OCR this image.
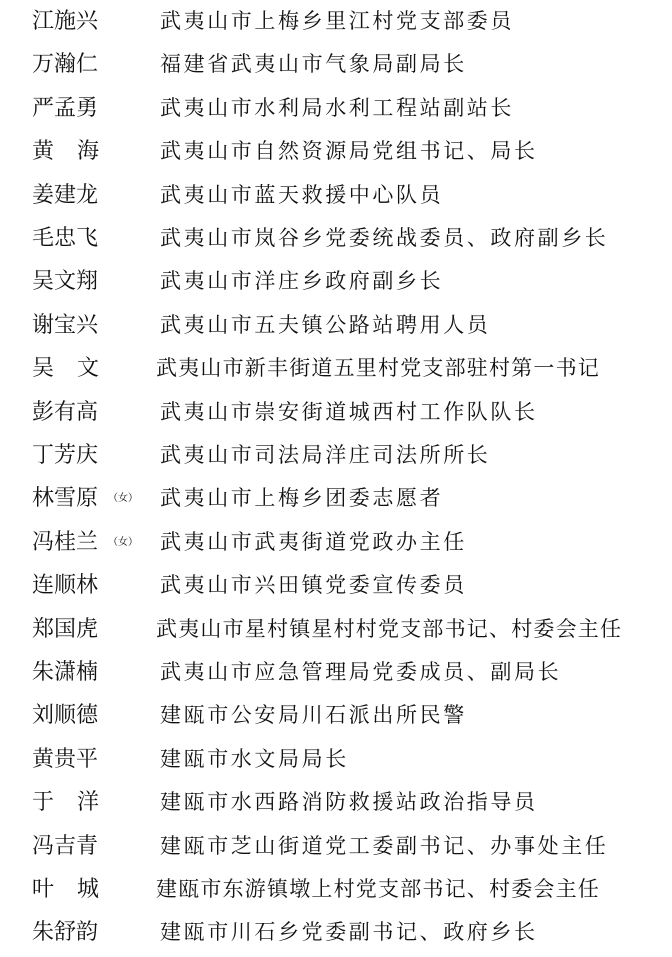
江施兴	武夷山市上梅乡里江村党支部委员
万瀚仁	福建省武夷山市气象局副局长
严孟勇	武夷山市水利局水利工程站副站长
黄海 武夷山市自然资源局党组书记、局长
姜建龙	武夷山市蓝天救援中心队员
毛忠飞	武夷山市岚谷乡党委统战委员、政府副乡长
吴文翔	武夷山市洋庄乡政府副乡长
谢宝兴	武夷山市五夫镇公路站聘用人员
吴文 武夷山市新丰街道五里村党支部驻村第一书记
彭有高	武夷山市崇安街道城西村工作队队长
丁芳庆	武夷山市司法局洋庄司法所所长
林雪原 （女） 武夷山市上梅乡团委志愿者
冯桂兰 （女） 武夷山市武夷街道党政办主任
连顺林	武夷山市兴田镇党委宣传委员
郑国虎	武夷山市星村镇星村村党支部书记、村委会主任
朱潇楠	武夷山市应急管理局党委成员、副局长
刘顺德	建瓯市公安局川石派出所民警
黄贵平	建瓯市水文局局长
于洋 建瓯市水西路消防救援站政治指导员
冯吉青	建瓯市芝山街道党工委副书记、办事处主任
叶城 建瓯市东游镇墩上村党支部书记、村委会主任
朱舒韵	建瓯市川石乡党委副书记、政府乡长
